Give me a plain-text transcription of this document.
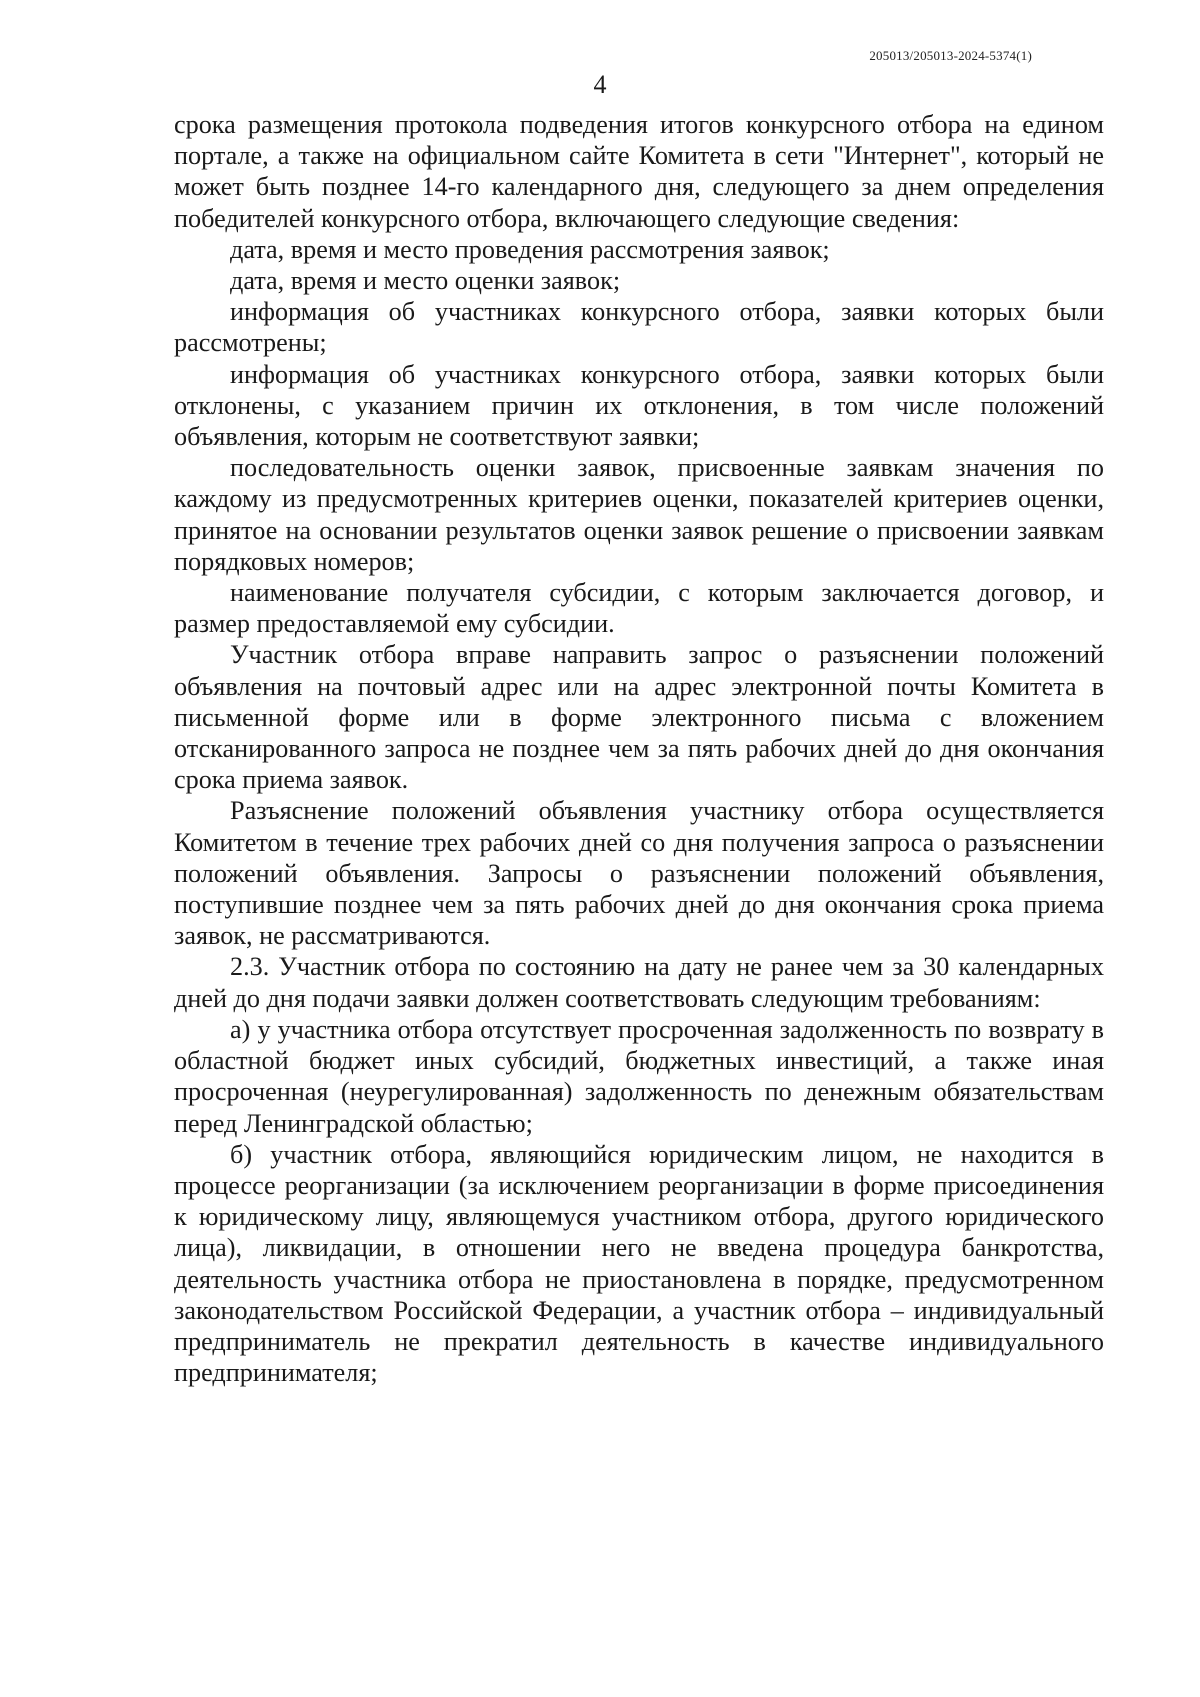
205013/205013-2024-5374(1)
4

срока размещения протокола подведения итогов конкурсного отбора на едином портале, а также на официальном сайте Комитета в сети "Интернет", который не может быть позднее 14-го календарного дня, следующего за днем определения победителей конкурсного отбора, включающего следующие сведения:

дата, время и место проведения рассмотрения заявок;

дата, время и место оценки заявок;

информация об участниках конкурсного отбора, заявки которых были рассмотрены;

информация об участниках конкурсного отбора, заявки которых были отклонены, с указанием причин их отклонения, в том числе положений объявления, которым не соответствуют заявки;

последовательность оценки заявок, присвоенные заявкам значения по каждому из предусмотренных критериев оценки, показателей критериев оценки, принятое на основании результатов оценки заявок решение о присвоении заявкам порядковых номеров;

наименование получателя субсидии, с которым заключается договор, и размер предоставляемой ему субсидии.

Участник отбора вправе направить запрос о разъяснении положений объявления на почтовый адрес или на адрес электронной почты Комитета в письменной форме или в форме электронного письма с вложением отсканированного запроса не позднее чем за пять рабочих дней до дня окончания срока приема заявок.

Разъяснение положений объявления участнику отбора осуществляется Комитетом в течение трех рабочих дней со дня получения запроса о разъяснении положений объявления. Запросы о разъяснении положений объявления, поступившие позднее чем за пять рабочих дней до дня окончания срока приема заявок, не рассматриваются.

2.3. Участник отбора по состоянию на дату не ранее чем за 30 календарных дней до дня подачи заявки должен соответствовать следующим требованиям:

а) у участника отбора отсутствует просроченная задолженность по возврату в областной бюджет иных субсидий, бюджетных инвестиций, а также иная просроченная (неурегулированная) задолженность по денежным обязательствам перед Ленинградской областью;

б) участник отбора, являющийся юридическим лицом, не находится в процессе реорганизации (за исключением реорганизации в форме присоединения к юридическому лицу, являющемуся участником отбора, другого юридического лица), ликвидации, в отношении него не введена процедура банкротства, деятельность участника отбора не приостановлена в порядке, предусмотренном законодательством Российской Федерации, а участник отбора – индивидуальный предприниматель не прекратил деятельность в качестве индивидуального предпринимателя;
